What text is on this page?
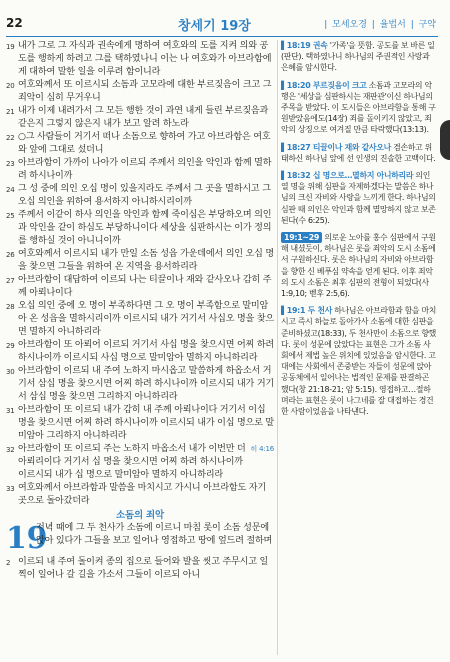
22	창세기 19장	| 모세오경 | 율법서 | 구약
19 내가 그로 그 자식과 권속에게 명하여 여호와의 도를 지켜 의와 공도를 행하게 하려고 그를 택하였나니 이는 나 여호와가 아브라함에게 대하여 말한 일을 이루려 함이니라
20 여호와께서 또 이르시되 소돔과 고모라에 대한 부르짖음이 크고 그 죄악이 심히 무거우니
21 내가 이제 내려가서 그 모든 행한 것이 과연 내게 들린 부르짖음과 같은지 그렇지 않은지 내가 보고 알려 하노라
22 ○그 사람들이 거기서 떠나 소돔으로 향하여 가고 아브라함은 여호와 앞에 그대로 섰더니
23 아브라함이 가까이 나아가 이르되 주께서 의인을 악인과 함께 멸하려 하시나이까
24 그 성 중에 의인 오십 명이 있을지라도 주께서 그 곳을 멸하시고 그 오십 의인을 위하여 용서하지 아니하시리이까
25 주께서 이같이 하사 의인을 악인과 함께 죽이심은 부당하오며 의인과 악인을 같이 하심도 부당하니이다 세상을 심판하시는 이가 정의를 행하실 것이 아니니이까
26 여호와께서 이르시되 내가 만일 소돔 성읍 가운데에서 의인 오십 명을 찾으면 그들을 위하여 온 지역을 용서하리라
27 아브라함이 대답하여 이르되 나는 티끌이나 재와 같사오나 감히 주께 아뢰나이다
28 오십 의인 중에 오 명이 부족하다면 그 오 명이 부족함으로 말미암아 온 성읍을 멸하시리이까 이르시되 내가 거기서 사십오 명을 찾으면 멸하지 아니하리라
29 아브라함이 또 아뢰어 이르되 거기서 사십 명을 찾으시면 어찌 하려 하시나이까 이르시되 사십 명으로 말미암아 멸하지 아니하리라
30 아브라함이 이르되 내 주여 노하지 마시옵고 말씀하게 하옵소서 거기서 삼십 명을 찾으시면 어찌 하려 하시나이까 이르시되 내가 거기서 삼십 명을 찾으면 그리하지 아니하리라
31 아브라함이 또 이르되 내가 감히 내 주께 아뢰나이다 거기서 이십 명을 찾으시면 어찌 하려 하시나이까 이르시되 내가 이십 명으로 말미암아 그리하지 아니하리라
32 아브라함이 또 이르되 주는 노하지 마옵소서 내가 이번만 더 아뢰리이다 거기서 십 명을 찾으시면 어찌 하려 하시나이까 이르시되 내가 십 명으로 말미암아 멸하지 아니하리라
히 4:16
33 여호와께서 아브라함과 말씀을 마치시고 가시니 아브라함도 자기 곳으로 돌아갔더라
소돔의 죄악
19
저녁 때에 그 두 천사가 소돔에 이르니 마침 롯이 소돔 성문에 앉아 있다가 그들을 보고 일어나 영접하고 땅에 엎드려 절하며
2 이르되 내 주여 돌이켜 종의 집으로 들어와 발을 씻고 주무시고 일찍이 일어나 갈 길을 가소서 그들이 이르되 아니
▌18:19 권속 '가족'을 뜻함. 공도를 보 바른 일(판단). 택하였나니 하나님의 주권적인 사랑과 은혜를 암시한다.
▌18:20 부르짖음이 크고 소돔과 고모라의 악행은 '세상을 심판하시는 재판관'이신 하나님의 주목을 받았다. 이 도시들은 아브라함을 통해 구원받았음에도(14장) 죄를 돌이키지 않았고, 죄악의 상징으로 여겨질 만큼 타락했다(13:13).
▌18:27 티끌이나 재와 같사오나 겸손하고 위태하신 하나님 앞에 선 인생의 진솔한 고백이다.
▌18:32 십 명으로…멸하지 아니하리라 의인 열 명을 위해 심판을 자제하겠다는 말씀은 하나님의 크신 자비와 사랑을 느끼게 한다. 하나님의 심판 때 의인은 악인과 함께 멸망하지 않고 보존된다(수 6:25).
19:1~29 의로운 노아를 홍수 심판에서 구원해 내셨듯이, 하나님은 롯을 죄악의 도시 소돔에서 구원하신다. 롯은 하나님의 자비와 아브라함을 향한 신 베푸심 약속을 얻게 된다. 이후 죄악의 도시 소돔은 최후 심판의 전형이 되었다(사 1:9,10; 벧후 2:5,6).
▌19:1 두 천사 하나님은 아브라함과 함을 마치시고 즉시 하늘로 돌아가사 소돔에 대한 심판을 준비하셨고(18:33), 두 천사만이 소돔으로 향했다. 롯이 성문에 앉았다는 표현은 그가 소돔 사회에서 제법 높은 위치에 있었음을 암시한다. 고대에는 사회에서 존중받는 자들이 성문에 앉아 공동체에서 일어나는 법적인 문제를 판결하곤 했다(창 21:18-21; 암 5:15). 영접하고…절하며라는 표현은 롯이 나그네를 잘 대접하는 경건한 사람이었음을 나타낸다.
